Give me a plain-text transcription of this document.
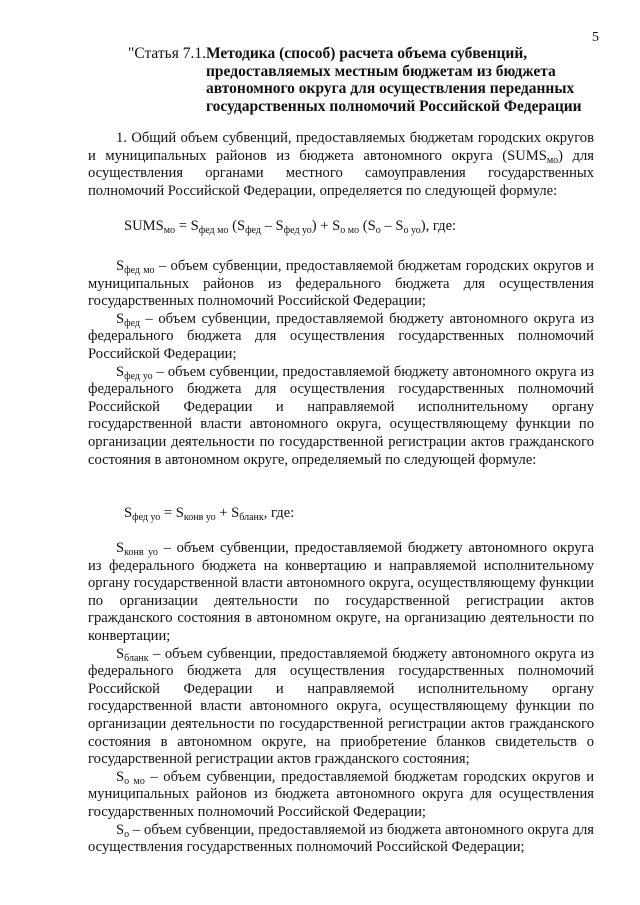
5
"Статья 7.1. Методика (способ) расчета объема субвенций, предоставляемых местным бюджетам из бюджета автономного округа для осуществления переданных государственных полномочий Российской Федерации

1. Общий объем субвенций, предоставляемых бюджетам городских округов и муниципальных районов из бюджета автономного округа $(SUMS_{мо})$ для осуществления органами местного самоуправления государственных полномочий Российской Федерации, определяется по следующей формуле:

$SUMS_{мо} = S_{фед мо}$ $(S_{фед} - S_{фед уо}) + S_{о мо}$ $(S_о - S_{о уо})$, где:

$S_{фед мо}$ – объем субвенции, предоставляемой бюджетам городских округов и муниципальных районов из федерального бюджета для осуществления государственных полномочий Российской Федерации;

$S_{фед}$ – объем субвенции, предоставляемой бюджету автономного округа из федерального бюджета для осуществления государственных полномочий Российской Федерации;

$S_{фед уо}$ – объем субвенции, предоставляемой бюджету автономного округа из федерального бюджета для осуществления государственных полномочий Российской Федерации и направляемой исполнительному органу государственной власти автономного округа, осуществляющему функции по организации деятельности по государственной регистрации актов гражданского состояния в автономном округе, определяемый по следующей формуле:

$S_{фед уо} = S_{конв уо} + S_{бланк}$, где:

$S_{конв уо}$ – объем субвенции, предоставляемой бюджету автономного округа из федерального бюджета на конвертацию и направляемой исполнительному органу государственной власти автономного округа, осуществляющему функции по организации деятельности по государственной регистрации актов гражданского состояния в автономном округе, на организацию деятельности по конвертации;

$S_{бланк}$ – объем субвенции, предоставляемой бюджету автономного округа из федерального бюджета для осуществления государственных полномочий Российской Федерации и направляемой исполнительному органу государственной власти автономного округа, осуществляющему функции по организации деятельности по государственной регистрации актов гражданского состояния в автономном округе, на приобретение бланков свидетельств о государственной регистрации актов гражданского состояния;

$S_{о мо}$ – объем субвенции, предоставляемой бюджетам городских округов и муниципальных районов из бюджета автономного округа для осуществления государственных полномочий Российской Федерации;

$S_о$ – объем субвенции, предоставляемой из бюджета автономного округа для осуществления государственных полномочий Российской Федерации;
